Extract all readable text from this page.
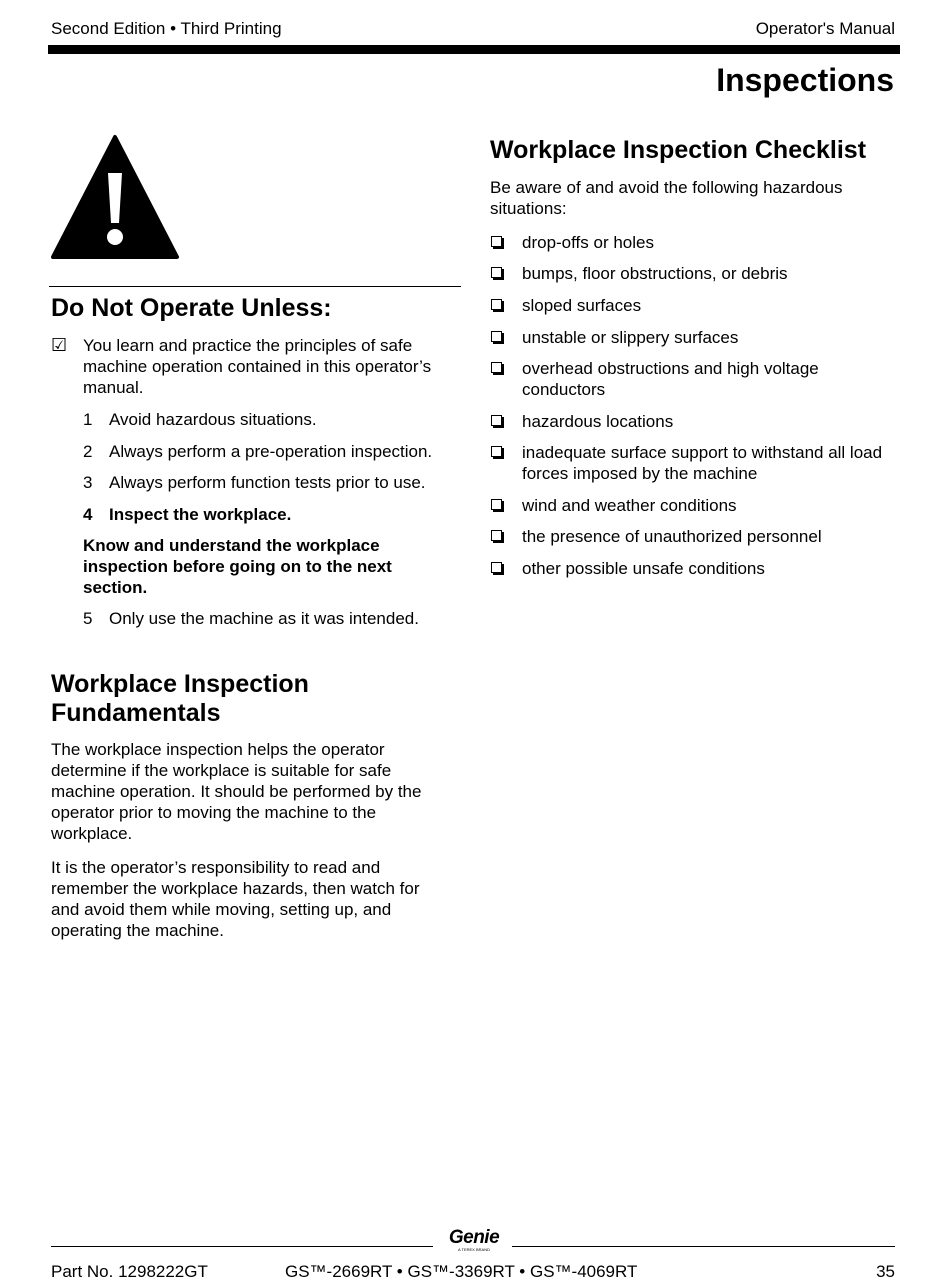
Second Edition • Third Printing	Operator's Manual
Inspections
Do Not Operate Unless:
☑ You learn and practice the principles of safe machine operation contained in this operator’s manual.
1 Avoid hazardous situations.
2 Always perform a pre-operation inspection.
3 Always perform function tests prior to use.
4 Inspect the workplace.
Know and understand the workplace inspection before going on to the next section.
5 Only use the machine as it was intended.
Workplace Inspection
Fundamentals
The workplace inspection helps the operator determine if the workplace is suitable for safe machine operation. It should be performed by the operator prior to moving the machine to the workplace.
It is the operator’s responsibility to read and remember the workplace hazards, then watch for and avoid them while moving, setting up, and operating the machine.
Workplace Inspection Checklist
Be aware of and avoid the following hazardous situations:
drop-offs or holes
bumps, floor obstructions, or debris
sloped surfaces
unstable or slippery surfaces
overhead obstructions and high voltage conductors
hazardous locations
inadequate surface support to withstand all load forces imposed by the machine
wind and weather conditions
the presence of unauthorized personnel
other possible unsafe conditions
Genie
A TEREX BRAND
Part No. 1298222GT	GS™-2669RT • GS™-3369RT • GS™-4069RT	35
